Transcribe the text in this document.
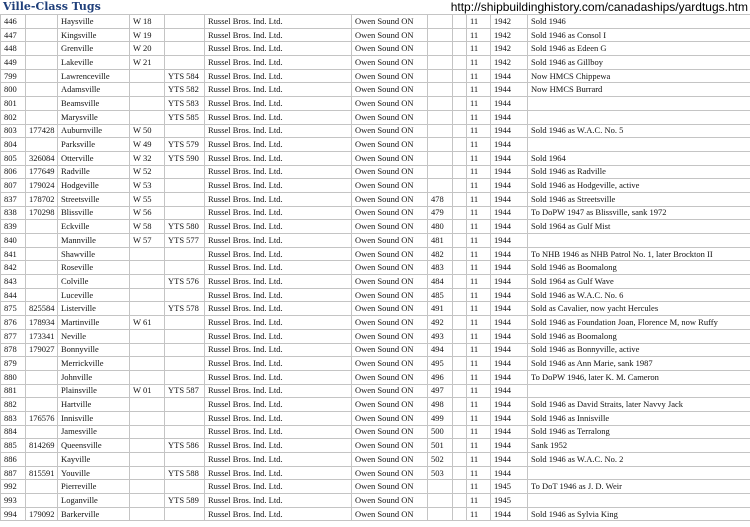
Ville-Class Tugs	http://shipbuildinghistory.com/canadaships/yardtugs.htm
446		Haysville	W 18		Russel Bros. Ind. Ltd.	Owen Sound ON			11	1942	Sold 1946
447		Kingsville	W 19		Russel Bros. Ind. Ltd.	Owen Sound ON			11	1942	Sold 1946 as Consol I
448		Grenville	W 20		Russel Bros. Ind. Ltd.	Owen Sound ON			11	1942	Sold 1946 as Edeen G
449		Lakeville	W 21		Russel Bros. Ind. Ltd.	Owen Sound ON			11	1942	Sold 1946 as Gillboy
799		Lawrenceville		YTS 584	Russel Bros. Ind. Ltd.	Owen Sound ON			11	1944	Now HMCS Chippewa
800		Adamsville		YTS 582	Russel Bros. Ind. Ltd.	Owen Sound ON			11	1944	Now HMCS Burrard
801		Beamsville		YTS 583	Russel Bros. Ind. Ltd.	Owen Sound ON			11	1944	
802		Marysville		YTS 585	Russel Bros. Ind. Ltd.	Owen Sound ON			11	1944	
803	177428	Auburnville	W 50		Russel Bros. Ind. Ltd.	Owen Sound ON			11	1944	Sold 1946 as W.A.C. No. 5
804		Parksville	W 49	YTS 579	Russel Bros. Ind. Ltd.	Owen Sound ON			11	1944	
805	326084	Otterville	W 32	YTS 590	Russel Bros. Ind. Ltd.	Owen Sound ON			11	1944	Sold 1964
806	177649	Radville	W 52		Russel Bros. Ind. Ltd.	Owen Sound ON			11	1944	Sold 1946 as Radville
807	179024	Hodgeville	W 53		Russel Bros. Ind. Ltd.	Owen Sound ON			11	1944	Sold 1946 as Hodgeville, active
837	178702	Streetsville	W 55		Russel Bros. Ind. Ltd.	Owen Sound ON	478		11	1944	Sold 1946 as Streetsville
838	170298	Blissville	W 56		Russel Bros. Ind. Ltd.	Owen Sound ON	479		11	1944	To DoPW 1947 as Blissville, sank 1972
839		Eckville	W 58	YTS 580	Russel Bros. Ind. Ltd.	Owen Sound ON	480		11	1944	Sold 1964 as Gulf Mist
840		Mannville	W 57	YTS 577	Russel Bros. Ind. Ltd.	Owen Sound ON	481		11	1944	
841		Shawville			Russel Bros. Ind. Ltd.	Owen Sound ON	482		11	1944	To NHB 1946 as NHB Patrol No. 1, later Brockton II
842		Roseville			Russel Bros. Ind. Ltd.	Owen Sound ON	483		11	1944	Sold 1946 as Boomalong
843		Colville		YTS 576	Russel Bros. Ind. Ltd.	Owen Sound ON	484		11	1944	Sold 1964 as Gulf Wave
844		Luceville			Russel Bros. Ind. Ltd.	Owen Sound ON	485		11	1944	Sold 1946 as W.A.C. No. 6
875	825584	Listerville		YTS 578	Russel Bros. Ind. Ltd.	Owen Sound ON	491		11	1944	Sold as Cavalier, now yacht Hercules
876	178934	Martinville	W 61		Russel Bros. Ind. Ltd.	Owen Sound ON	492		11	1944	Sold 1946 as Foundation Joan, Florence M, now Ruffy
877	173341	Neville			Russel Bros. Ind. Ltd.	Owen Sound ON	493		11	1944	Sold 1946 as Boomalong
878	179027	Bonnyville			Russel Bros. Ind. Ltd.	Owen Sound ON	494		11	1944	Sold 1946 as Bonnyville, active
879		Merrickville			Russel Bros. Ind. Ltd.	Owen Sound ON	495		11	1944	Sold 1946 as Ann Marie, sank 1987
880		Johnville			Russel Bros. Ind. Ltd.	Owen Sound ON	496		11	1944	To DoPW 1946, later K. M. Cameron
881		Plainsville	W 01	YTS 587	Russel Bros. Ind. Ltd.	Owen Sound ON	497		11	1944	
882		Hartville			Russel Bros. Ind. Ltd.	Owen Sound ON	498		11	1944	Sold 1946 as David Straits, later Navvy Jack
883	176576	Innisville			Russel Bros. Ind. Ltd.	Owen Sound ON	499		11	1944	Sold 1946 as Innisville
884		Jamesville			Russel Bros. Ind. Ltd.	Owen Sound ON	500		11	1944	Sold 1946 as Terralong
885	814269	Queensville		YTS 586	Russel Bros. Ind. Ltd.	Owen Sound ON	501		11	1944	Sank 1952
886		Kayville			Russel Bros. Ind. Ltd.	Owen Sound ON	502		11	1944	Sold 1946 as W.A.C. No. 2
887	815591	Youville		YTS 588	Russel Bros. Ind. Ltd.	Owen Sound ON	503		11	1944	
992		Pierreville			Russel Bros. Ind. Ltd.	Owen Sound ON			11	1945	To DoT 1946 as J. D. Weir
993		Loganville		YTS 589	Russel Bros. Ind. Ltd.	Owen Sound ON			11	1945	
994	179092	Barkerville			Russel Bros. Ind. Ltd.	Owen Sound ON			11	1944	Sold 1946 as Sylvia King
